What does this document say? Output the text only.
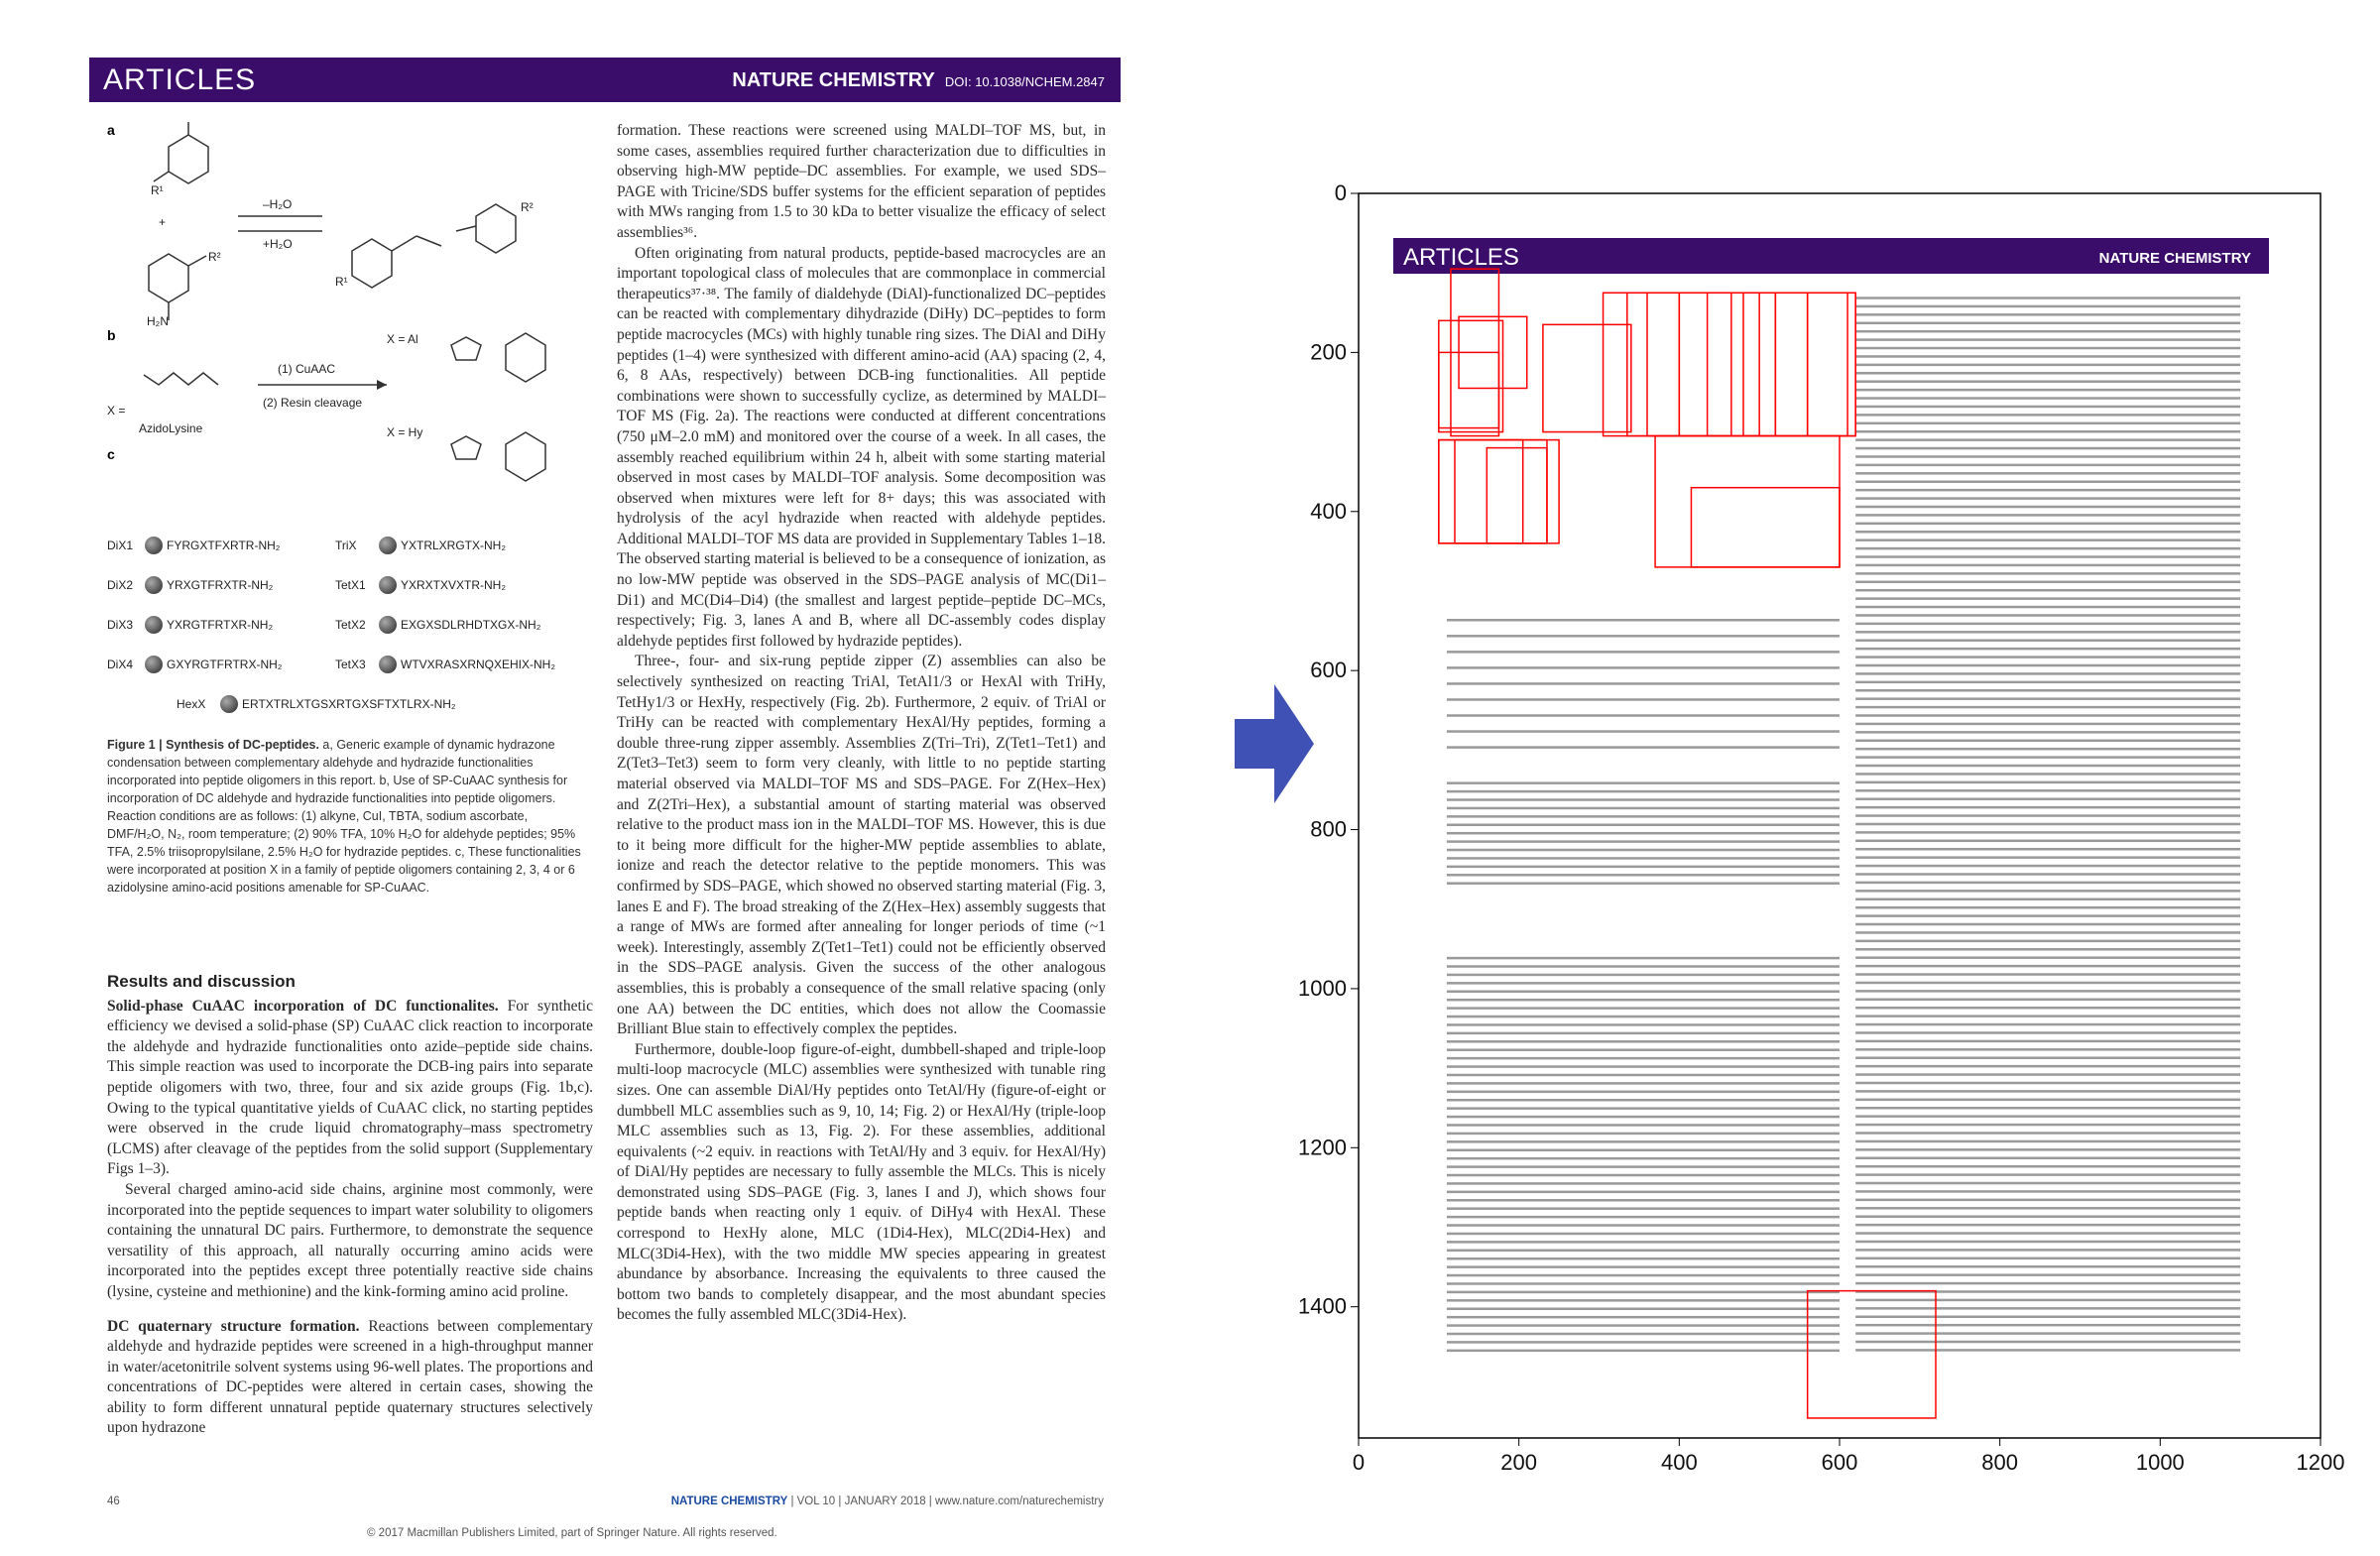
ARTICLES	NATURE CHEMISTRY DOI: 10.1038/NCHEM.2847
a
R¹
H₂N
R²
+
–H₂O
+H₂O
R¹
R²
b	X = Al
X = Hy
X =
AzidoLysine
(1) CuAAC
(2) Resin cleavage
c
DiX1	FYRGXTFXRTR-NH₂	TriX	YXTRLXRGTX-NH₂
DiX2	YRXGTFRXTR-NH₂	TetX1	YXRXTXVXTR-NH₂
DiX3	YXRGTFRTXR-NH₂	TetX2	EXGXSDLRHDTXGX-NH₂
DiX4	GXYRGTFRTRX-NH₂	TetX3	WTVXRASXRNQXEHIX-NH₂
HexX	ERTXTRLXTGSXRTGXSFTXTLRX-NH₂
Figure 1 | Synthesis of DC-peptides. a, Generic example of dynamic hydrazone condensation between complementary aldehyde and hydrazide functionalities incorporated into peptide oligomers in this report. b, Use of SP-CuAAC synthesis for incorporation of DC aldehyde and hydrazide functionalities into peptide oligomers. Reaction conditions are as follows: (1) alkyne, CuI, TBTA, sodium ascorbate, DMF/H₂O, N₂, room temperature; (2) 90% TFA, 10% H₂O for aldehyde peptides; 95% TFA, 2.5% triisopropylsilane, 2.5% H₂O for hydrazide peptides. c, These functionalities were incorporated at position X in a family of peptide oligomers containing 2, 3, 4 or 6 azidolysine amino-acid positions amenable for SP-CuAAC.
Results and discussion

Solid-phase CuAAC incorporation of DC functionalites. For synthetic efficiency we devised a solid-phase (SP) CuAAC click reaction to incorporate the aldehyde and hydrazide functionalities onto azide–peptide side chains. This simple reaction was used to incorporate the DCB-ing pairs into separate peptide oligomers with two, three, four and six azide groups (Fig. 1b,c). Owing to the typical quantitative yields of CuAAC click, no starting peptides were observed in the crude liquid chromatography–mass spectrometry (LCMS) after cleavage of the peptides from the solid support (Supplementary Figs 1–3).

Several charged amino-acid side chains, arginine most commonly, were incorporated into the peptide sequences to impart water solubility to oligomers containing the unnatural DC pairs. Furthermore, to demonstrate the sequence versatility of this approach, all naturally occurring amino acids were incorporated into the peptides except three potentially reactive side chains (lysine, cysteine and methionine) and the kink-forming amino acid proline.

DC quaternary structure formation. Reactions between complementary aldehyde and hydrazide peptides were screened in a high-throughput manner in water/acetonitrile solvent systems using 96-well plates. The proportions and concentrations of DC-peptides were altered in certain cases, showing the ability to form different unnatural peptide quaternary structures selectively upon hydrazone

formation. These reactions were screened using MALDI–TOF MS, but, in some cases, assemblies required further characterization due to difficulties in observing high-MW peptide–DC assemblies. For example, we used SDS–PAGE with Tricine/SDS buffer systems for the efficient separation of peptides with MWs ranging from 1.5 to 30 kDa to better visualize the efficacy of select assemblies³⁶.

Often originating from natural products, peptide-based macrocycles are an important topological class of molecules that are commonplace in commercial therapeutics³⁷·³⁸. The family of dialdehyde (DiAl)-functionalized DC–peptides can be reacted with complementary dihydrazide (DiHy) DC–peptides to form peptide macrocycles (MCs) with highly tunable ring sizes. The DiAl and DiHy peptides (1–4) were synthesized with different amino-acid (AA) spacing (2, 4, 6, 8 AAs, respectively) between DCB-ing functionalities. All peptide combinations were shown to successfully cyclize, as determined by MALDI–TOF MS (Fig. 2a). The reactions were conducted at different concentrations (750 μM–2.0 mM) and monitored over the course of a week. In all cases, the assembly reached equilibrium within 24 h, albeit with some starting material observed in most cases by MALDI–TOF analysis. Some decomposition was observed when mixtures were left for 8+ days; this was associated with hydrolysis of the acyl hydrazide when reacted with aldehyde peptides. Additional MALDI–TOF MS data are provided in Supplementary Tables 1–18. The observed starting material is believed to be a consequence of ionization, as no low-MW peptide was observed in the SDS–PAGE analysis of MC(Di1–Di1) and MC(Di4–Di4) (the smallest and largest peptide–peptide DC–MCs, respectively; Fig. 3, lanes A and B, where all DC-assembly codes display aldehyde peptides first followed by hydrazide peptides).

Three-, four- and six-rung peptide zipper (Z) assemblies can also be selectively synthesized on reacting TriAl, TetAl1/3 or HexAl with TriHy, TetHy1/3 or HexHy, respectively (Fig. 2b). Furthermore, 2 equiv. of TriAl or TriHy can be reacted with complementary HexAl/Hy peptides, forming a double three-rung zipper assembly. Assemblies Z(Tri–Tri), Z(Tet1–Tet1) and Z(Tet3–Tet3) seem to form very cleanly, with little to no peptide starting material observed via MALDI–TOF MS and SDS–PAGE. For Z(Hex–Hex) and Z(2Tri–Hex), a substantial amount of starting material was observed relative to the product mass ion in the MALDI–TOF MS. However, this is due to it being more difficult for the higher-MW peptide assemblies to ablate, ionize and reach the detector relative to the peptide monomers. This was confirmed by SDS–PAGE, which showed no observed starting material (Fig. 3, lanes E and F). The broad streaking of the Z(Hex–Hex) assembly suggests that a range of MWs are formed after annealing for longer periods of time (~1 week). Interestingly, assembly Z(Tet1–Tet1) could not be efficiently observed in the SDS–PAGE analysis. Given the success of the other analogous assemblies, this is probably a consequence of the small relative spacing (only one AA) between the DC entities, which does not allow the Coomassie Brilliant Blue stain to effectively complex the peptides.

Furthermore, double-loop figure-of-eight, dumbbell-shaped and triple-loop multi-loop macrocycle (MLC) assemblies were synthesized with tunable ring sizes. One can assemble DiAl/Hy peptides onto TetAl/Hy (figure-of-eight or dumbbell MLC assemblies such as 9, 10, 14; Fig. 2) or HexAl/Hy (triple-loop MLC assemblies such as 13, Fig. 2). For these assemblies, additional equivalents (~2 equiv. in reactions with TetAl/Hy and 3 equiv. for HexAl/Hy) of DiAl/Hy peptides are necessary to fully assemble the MLCs. This is nicely demonstrated using SDS–PAGE (Fig. 3, lanes I and J), which shows four peptide bands when reacting only 1 equiv. of DiHy4 with HexAl. These correspond to HexHy alone, MLC (1Di4-Hex), MLC(2Di4-Hex) and MLC(3Di4-Hex), with the two middle MW species appearing in greatest abundance by absorbance. Increasing the equivalents to three caused the bottom two bands to completely disappear, and the most abundant species becomes the fully assembled MLC(3Di4-Hex).

46	NATURE CHEMISTRY | VOL 10 | JANUARY 2018 | www.nature.com/naturechemistry
© 2017 Macmillan Publishers Limited, part of Springer Nature. All rights reserved.
ARTICLES	NATURE CHEMISTRY
0
200
400
600
800
1000
1200
1400
0	200	400	600	800	1000	1200
